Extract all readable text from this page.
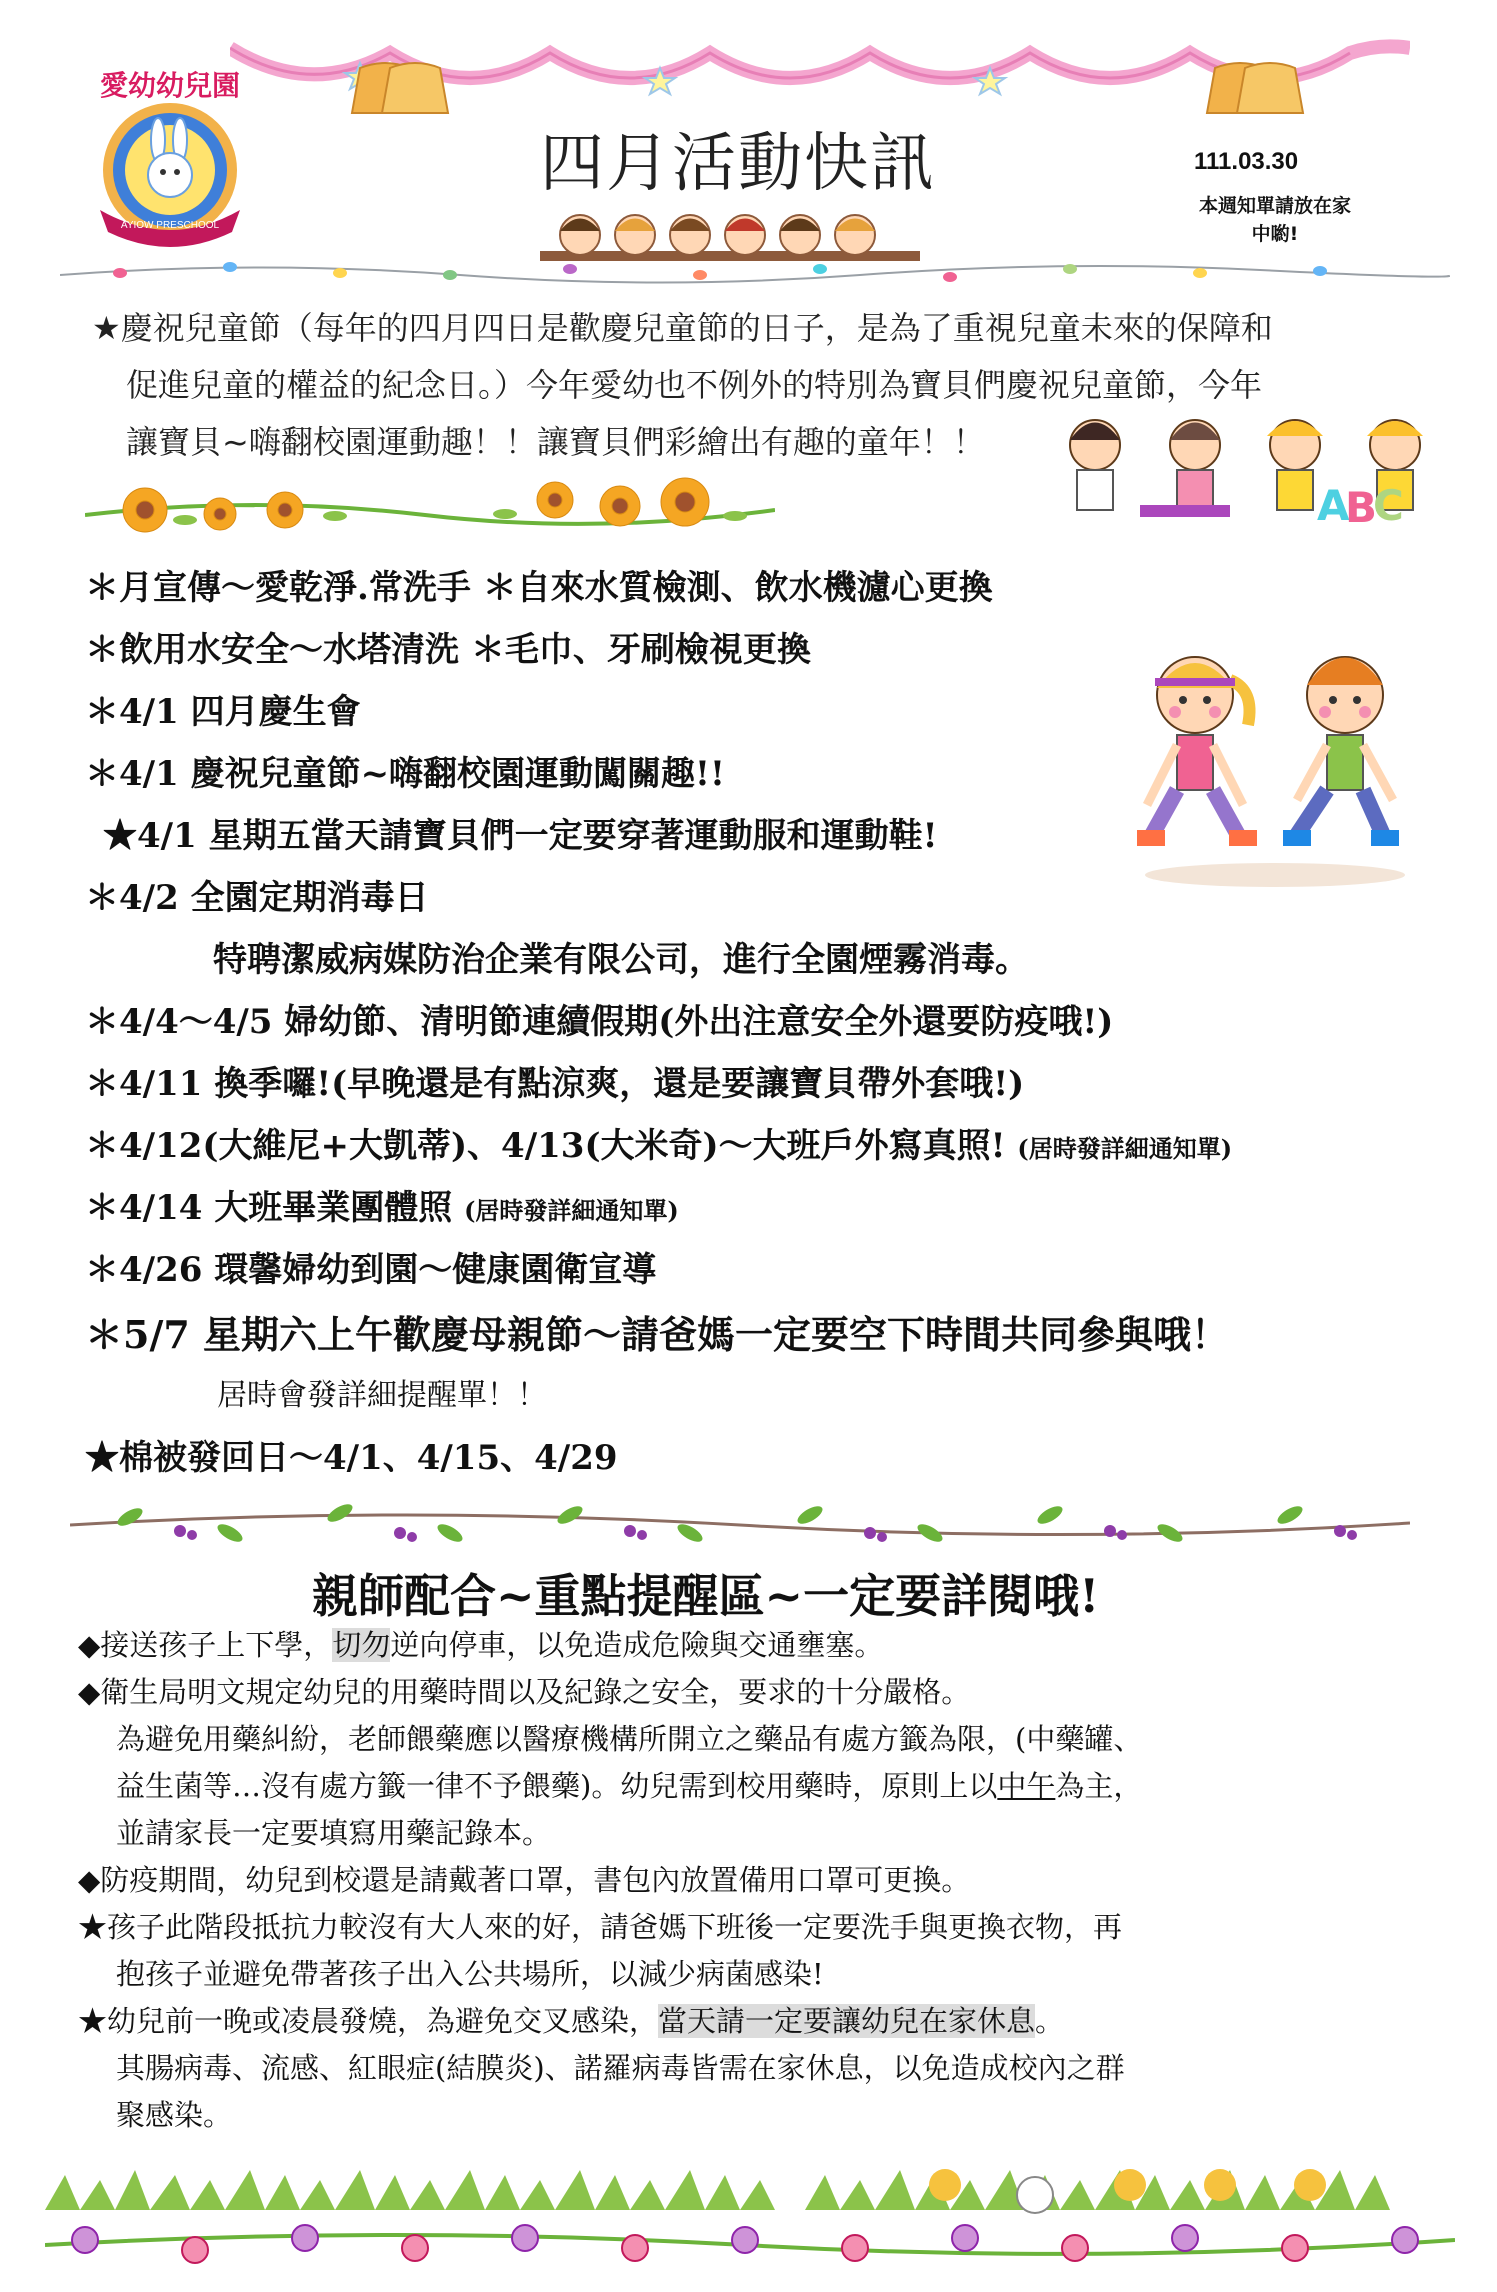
AYIOW PRESCHOOL
愛幼幼兒園
四月活動快訊	111.03.30
本週知單請放在家
中喲!

★慶祝兒童節（每年的四月四日是歡慶兒童節的日子，是為了重視兒童未來的保障和
促進兒童的權益的紀念日。）今年愛幼也不例外的特別為寶貝們慶祝兒童節，今年
讓寶貝~嗨翻校園運動趣！！讓寶貝們彩繪出有趣的童年！！

A
B
C
＊月宣傳～愛乾淨.常洗手 ＊自來水質檢測、飲水機濾心更換
＊飲用水安全～水塔清洗 ＊毛巾、牙刷檢視更換
＊4/1 四月慶生會
＊4/1 慶祝兒童節~嗨翻校園運動闖關趣!!
★4/1 星期五當天請寶貝們一定要穿著運動服和運動鞋!
＊4/2 全園定期消毒日
特聘潔威病媒防治企業有限公司，進行全園煙霧消毒。
＊4/4～4/5 婦幼節、清明節連續假期(外出注意安全外還要防疫哦!)
＊4/11 換季囉!(早晚還是有點涼爽，還是要讓寶貝帶外套哦!)
＊4/12(大維尼+大凱蒂)、4/13(大米奇)～大班戶外寫真照! (居時發詳細通知單)
＊4/14 大班畢業團體照 (居時發詳細通知單)
＊4/26 環馨婦幼到園～健康園衛宣導
＊5/7 星期六上午歡慶母親節～請爸媽一定要空下時間共同參與哦！
居時會發詳細提醒單！！
★棉被發回日～4/1、4/15、4/29
親師配合~重點提醒區~一定要詳閱哦!

◆接送孩子上下學，切勿逆向停車，以免造成危險與交通壅塞。
◆衛生局明文規定幼兒的用藥時間以及紀錄之安全，要求的十分嚴格。
為避免用藥糾紛，老師餵藥應以醫療機構所開立之藥品有處方籤為限，(中藥罐、
益生菌等…沒有處方籤一律不予餵藥)。幼兒需到校用藥時，原則上以中午為主，
並請家長一定要填寫用藥記錄本。
◆防疫期間，幼兒到校還是請戴著口罩，書包內放置備用口罩可更換。
★孩子此階段抵抗力較沒有大人來的好，請爸媽下班後一定要洗手與更換衣物，再
抱孩子並避免帶著孩子出入公共場所，以減少病菌感染!
★幼兒前一晚或凌晨發燒，為避免交叉感染，當天請一定要讓幼兒在家休息。
其腸病毒、流感、紅眼症(結膜炎)、諾羅病毒皆需在家休息，以免造成校內之群
聚感染。
